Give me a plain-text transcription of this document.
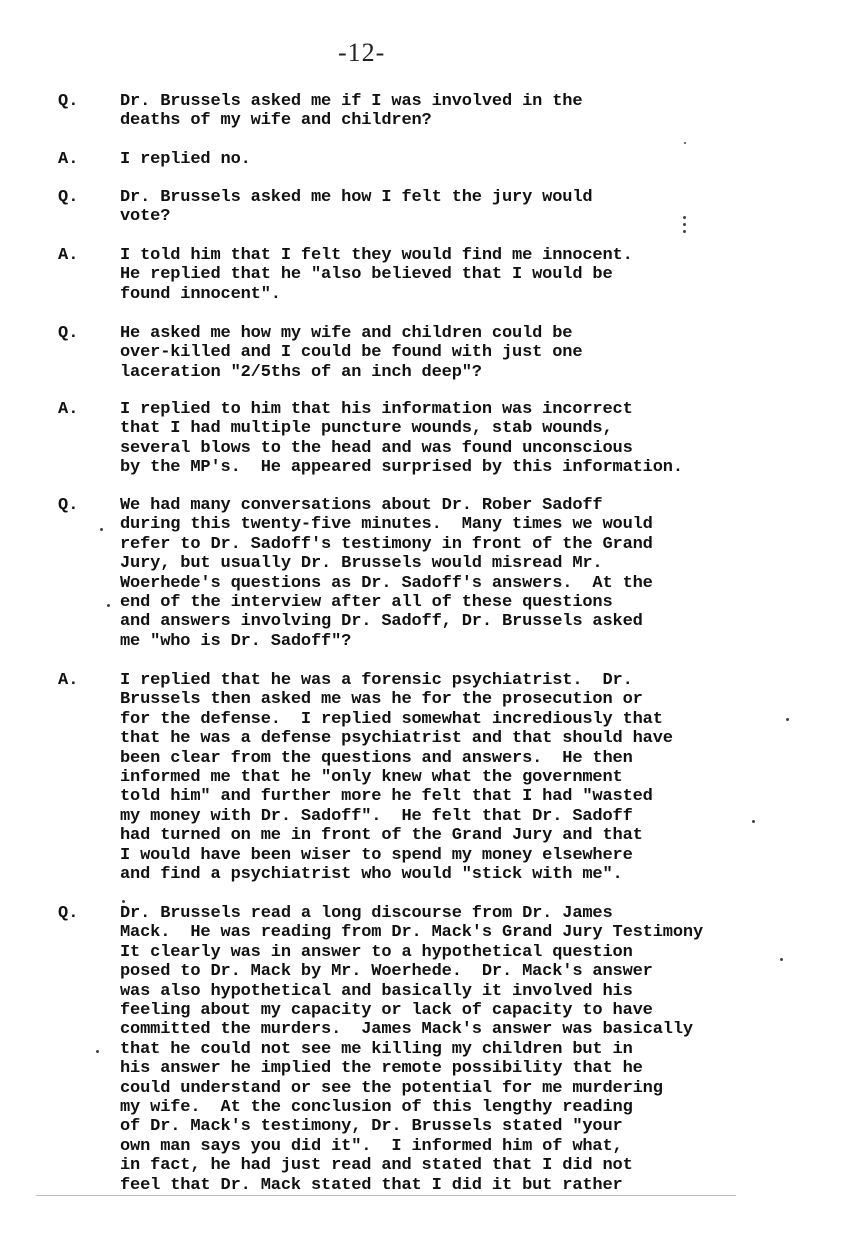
-12-
Q. Dr. Brussels asked me if I was involved in the
deaths of my wife and children?
A. I replied no.
Q. Dr. Brussels asked me how I felt the jury would
vote?
A. I told him that I felt they would find me innocent.
He replied that he "also believed that I would be
found innocent".
Q. He asked me how my wife and children could be
over-killed and I could be found with just one
laceration "2/5ths of an inch deep"?
A. I replied to him that his information was incorrect
that I had multiple puncture wounds, stab wounds,
several blows to the head and was found unconscious
by the MP's.  He appeared surprised by this information.
Q. We had many conversations about Dr. Rober Sadoff
during this twenty-five minutes.  Many times we would
refer to Dr. Sadoff's testimony in front of the Grand
Jury, but usually Dr. Brussels would misread Mr.
Woerhede's questions as Dr. Sadoff's answers.  At the
end of the interview after all of these questions
and answers involving Dr. Sadoff, Dr. Brussels asked
me "who is Dr. Sadoff"?
A. I replied that he was a forensic psychiatrist.  Dr.
Brussels then asked me was he for the prosecution or
for the defense.  I replied somewhat incrediously that
that he was a defense psychiatrist and that should have
been clear from the questions and answers.  He then
informed me that he "only knew what the government
told him" and further more he felt that I had "wasted
my money with Dr. Sadoff".  He felt that Dr. Sadoff
had turned on me in front of the Grand Jury and that
I would have been wiser to spend my money elsewhere
and find a psychiatrist who would "stick with me".
Q. Dr. Brussels read a long discourse from Dr. James
Mack.  He was reading from Dr. Mack's Grand Jury Testimony
It clearly was in answer to a hypothetical question
posed to Dr. Mack by Mr. Woerhede.  Dr. Mack's answer
was also hypothetical and basically it involved his
feeling about my capacity or lack of capacity to have
committed the murders.  James Mack's answer was basically
that he could not see me killing my children but in
his answer he implied the remote possibility that he
could understand or see the potential for me murdering
my wife.  At the conclusion of this lengthy reading
of Dr. Mack's testimony, Dr. Brussels stated "your
own man says you did it".  I informed him of what,
in fact, he had just read and stated that I did not
feel that Dr. Mack stated that I did it but rather
